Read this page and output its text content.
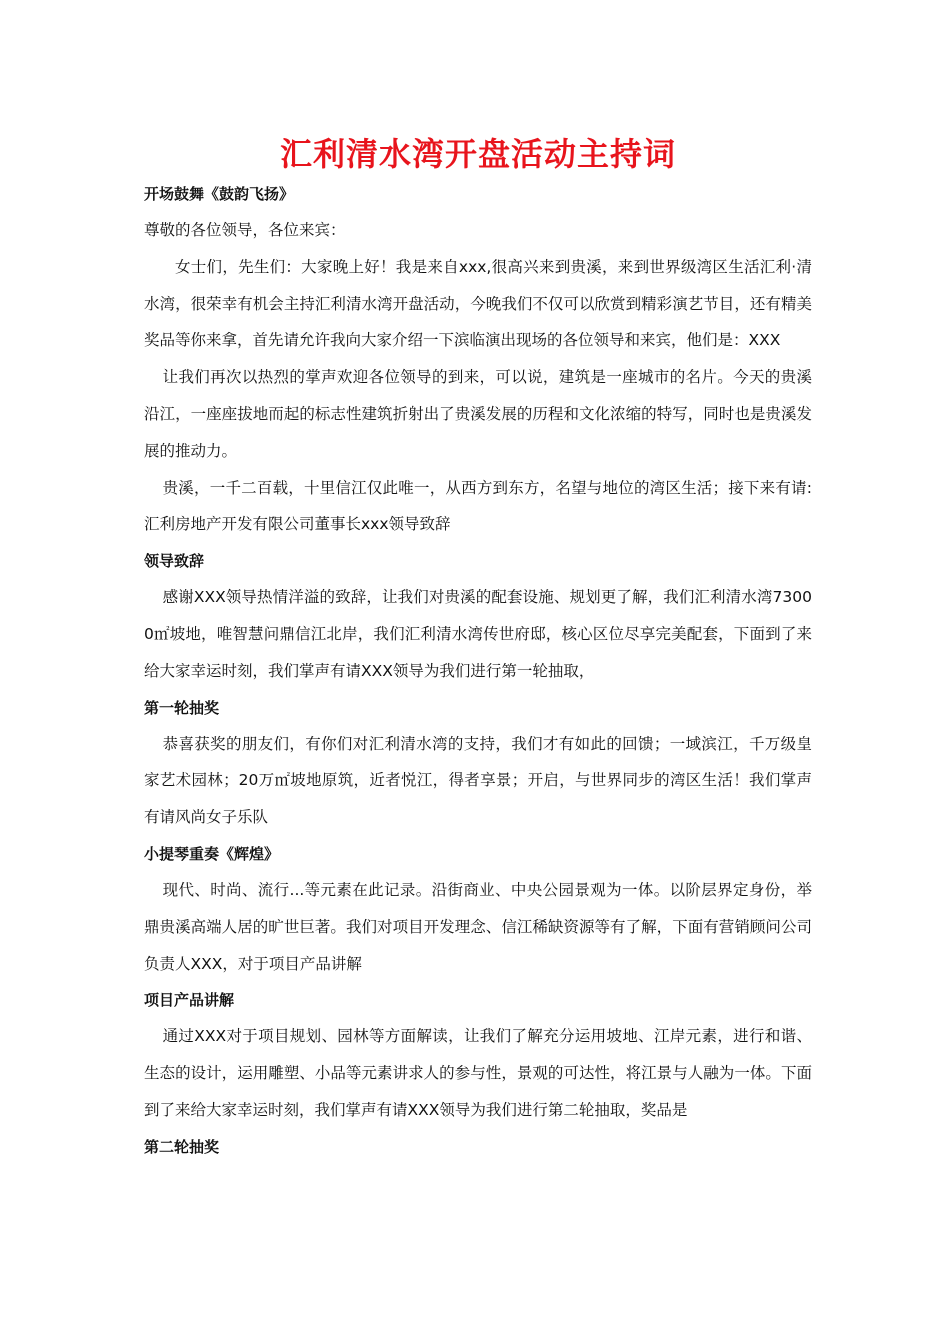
汇利清水湾开盘活动主持词
开场鼓舞《鼓韵飞扬》

尊敬的各位领导，各位来宾：

女士们，先生们：大家晚上好！我是来自xxx,很高兴来到贵溪，来到世界级湾区生活汇利·清水湾，很荣幸有机会主持汇利清水湾开盘活动，今晚我们不仅可以欣赏到精彩演艺节目，还有精美奖品等你来拿，首先请允许我向大家介绍一下滨临演出现场的各位领导和来宾，他们是：XXX

让我们再次以热烈的掌声欢迎各位领导的到来，可以说，建筑是一座城市的名片。今天的贵溪沿江，一座座拔地而起的标志性建筑折射出了贵溪发展的历程和文化浓缩的特写，同时也是贵溪发展的推动力。

贵溪，一千二百载，十里信江仅此唯一，从西方到东方，名望与地位的湾区生活；接下来有请:汇利房地产开发有限公司董事长xxx领导致辞

领导致辞

感谢XXX领导热情洋溢的致辞，让我们对贵溪的配套设施、规划更了解，我们汇利清水湾73000㎡坡地，唯智慧问鼎信江北岸，我们汇利清水湾传世府邸，核心区位尽享完美配套，下面到了来给大家幸运时刻，我们掌声有请XXX领导为我们进行第一轮抽取，

第一轮抽奖

恭喜获奖的朋友们，有你们对汇利清水湾的支持，我们才有如此的回馈；一域滨江，千万级皇家艺术园林；20万㎡坡地原筑，近者悦江，得者享景；开启，与世界同步的湾区生活！我们掌声有请风尚女子乐队

小提琴重奏《辉煌》

现代、时尚、流行...等元素在此记录。沿街商业、中央公园景观为一体。以阶层界定身份，举鼎贵溪高端人居的旷世巨著。我们对项目开发理念、信江稀缺资源等有了解，下面有营销顾问公司负责人XXX，对于项目产品讲解

项目产品讲解

通过XXX对于项目规划、园林等方面解读，让我们了解充分运用坡地、江岸元素，进行和谐、生态的设计，运用雕塑、小品等元素讲求人的参与性，景观的可达性，将江景与人融为一体。下面到了来给大家幸运时刻，我们掌声有请XXX领导为我们进行第二轮抽取，奖品是

第二轮抽奖
